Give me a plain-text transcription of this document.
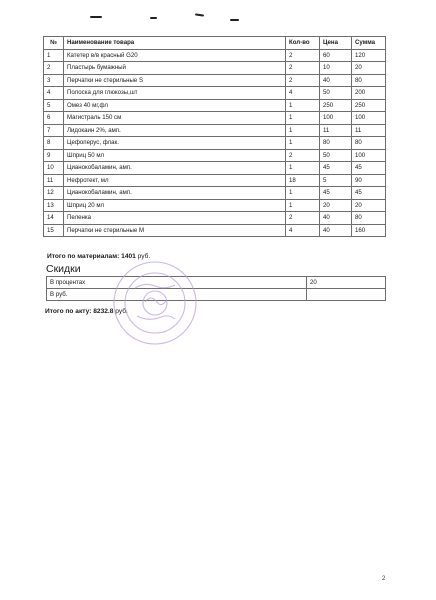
№	Наименование товара	Кол-во	Цена	Сумма
1	Катетер в/в красный G20	2	60	120
2	Пластырь бумажный	2	10	20
3	Перчатки не стерильные S	2	40	80
4	Полоска для глюкозы,шт	4	50	200
5	Омез 40 мг,фл	1	250	250
6	Магистраль 150 см	1	100	100
7	Лидокаин 2%, амп.	1	11	11
8	Цефоперус, флак.	1	80	80
9	Шприц 50 мл	2	50	100
10	Цианокобаламин, амп.	1	45	45
11	Нефротект, мл	18	5	90
12	Цианокобаламин, амп.	1	45	45
13	Шприц 20 мл	1	20	20
14	Пеленка	2	40	80
15	Перчатки не стерильные M	4	40	160
Итого по материалам: 1401 руб.
Скидки
В процентах	20
В руб.	
Итого по акту: 8232.8 руб.
2
